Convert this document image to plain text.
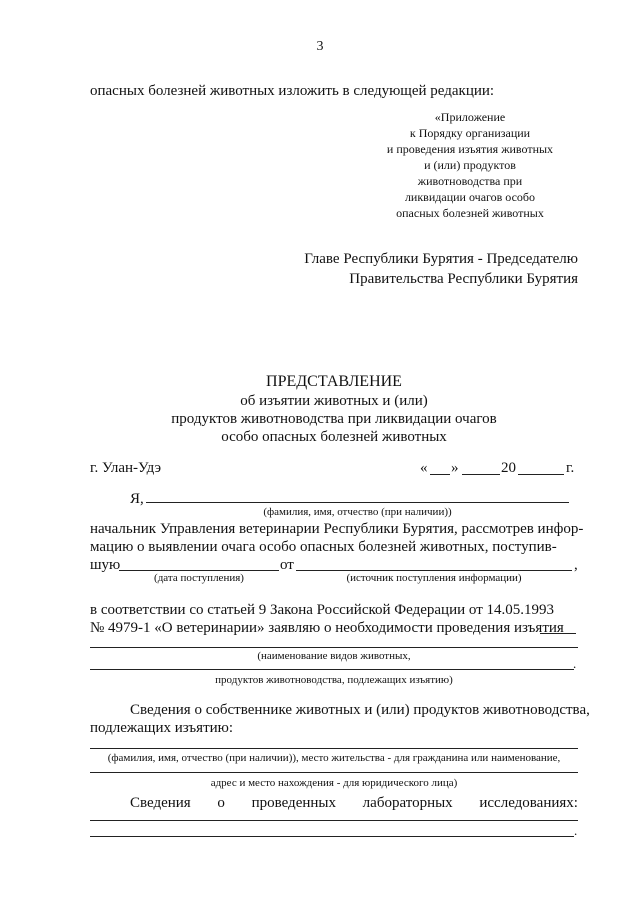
3
опасных болезней животных изложить в следующей редакции:
«Приложение
к Порядку организации
и проведения изъятия животных
и (или) продуктов
животноводства при
ликвидации очагов особо
опасных болезней животных
Главе Республики Бурятия - Председателю
Правительства Республики Бурятия
ПРЕДСТАВЛЕНИЕ
об изъятии животных и (или)
продуктов животноводства при ликвидации очагов
особо опасных болезней животных
г. Улан-Удэ	« »	20	г.
Я,
(фамилия, имя, отчество (при наличии))
начальник Управления ветеринарии Республики Бурятия, рассмотрев инфор-
мацию о выявлении очага особо опасных болезней животных, поступив-
шую	от	,
(дата поступления)	(источник поступления информации)
в соответствии со статьей 9 Закона Российской Федерации от 14.05.1993
№ 4979-1 «О ветеринарии» заявляю о необходимости проведения изъятия
(наименование видов животных,	.
продуктов животноводства, подлежащих изъятию)
Сведения о собственнике животных и (или) продуктов животноводства,
подлежащих изъятию:
(фамилия, имя, отчество (при наличии)), место жительства - для гражданина или наименование,
адрес и место нахождения - для юридического лица)
Сведения о проведенных лабораторных исследованиях:
.
